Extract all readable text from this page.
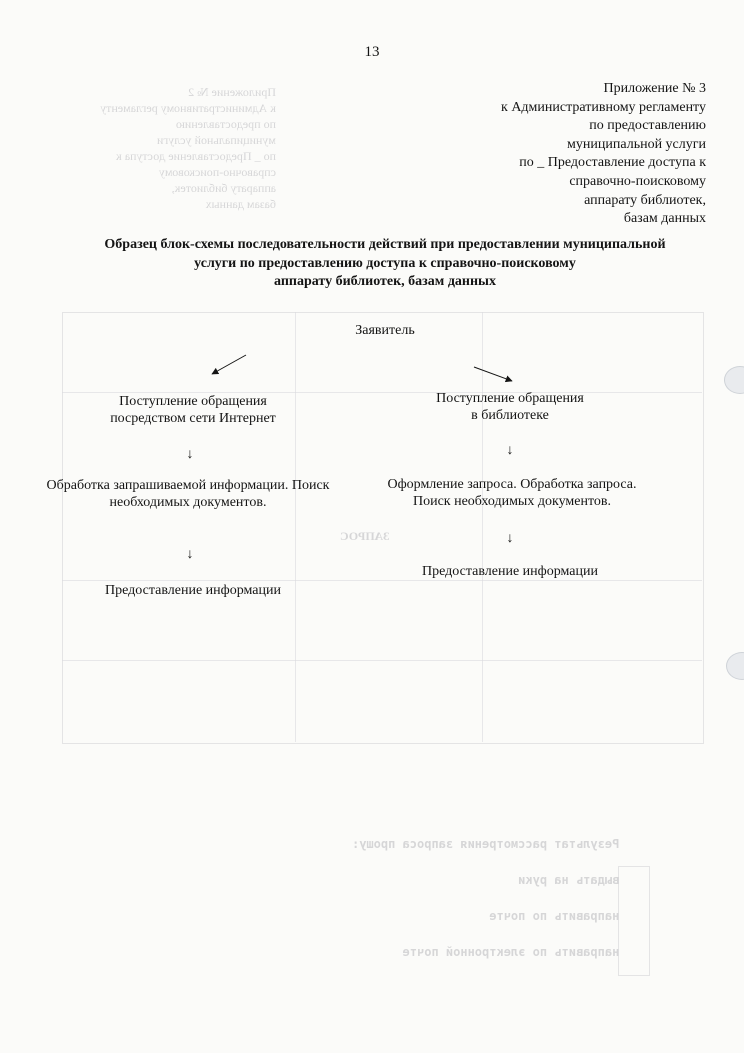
Приложение № 2
к Административному регламенту
по предоставлению
муниципальной услуги
по _ Предоставление доступа к
справочно-поисковому
аппарату библиотек,
базам данных
ЗАПРОС
Результат рассмотрения запроса прошу:
выдать на руки
направить по почте
направить по электронной почте
13
Приложение № 3
к Административному регламенту
по предоставлению
муниципальной услуги
по _ Предоставление доступа к
справочно-поисковому
аппарату библиотек,
базам данных
Образец блок-схемы последовательности действий при предоставлении муниципальной
услуги по предоставлению доступа к справочно-поисковому
аппарату библиотек, базам данных
Заявитель
Поступление обращения
посредством сети Интернет
Поступление обращения
в библиотеке
↓	↓
Обработка запрашиваемой информации. Поиск
необходимых документов.
Оформление запроса. Обработка запроса.
Поиск необходимых документов.
↓
↓
Предоставление информации
Предоставление информации
